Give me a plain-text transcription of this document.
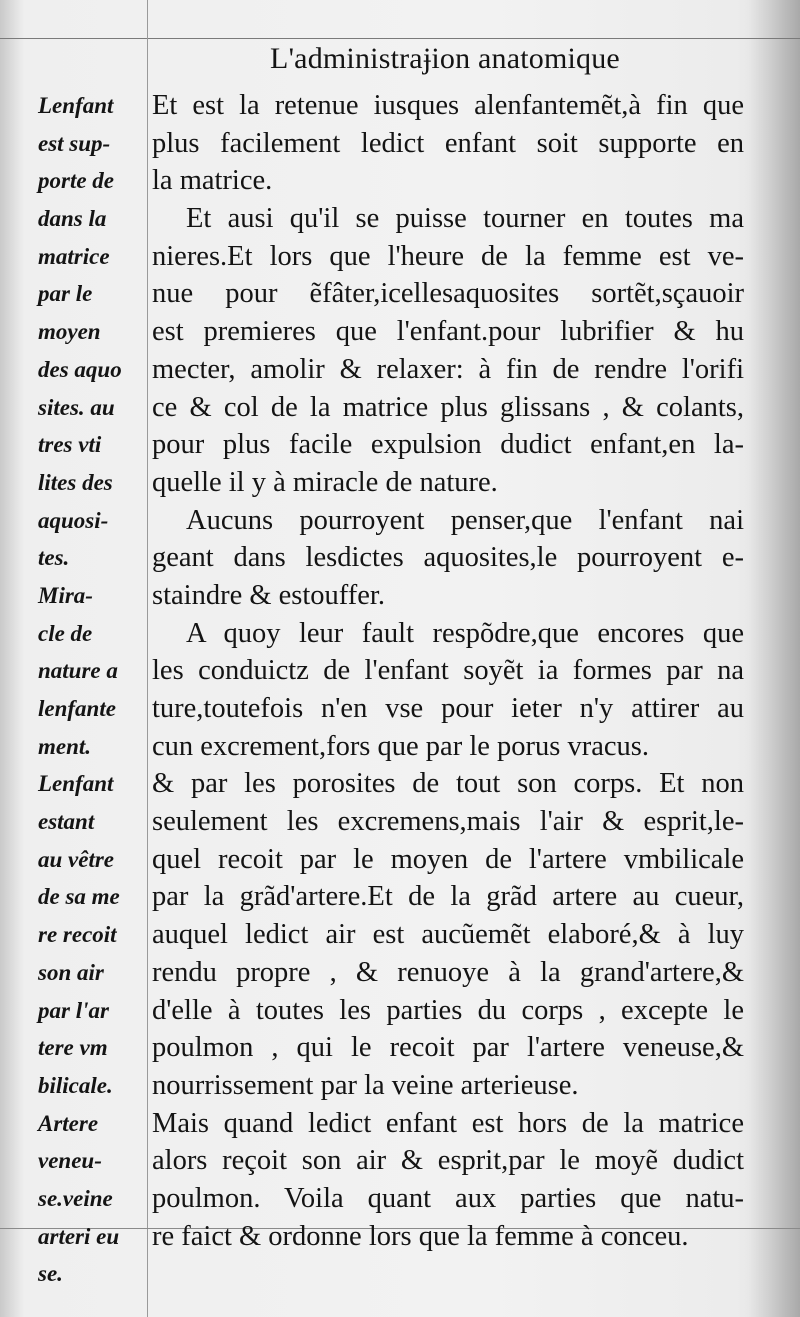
L'administraɉion anatomique
Lenfant
est sup-
porte de
dans la
matrice
par le
moyen
des aquo
sites. au
tres vti
lites des
aquosi-
tes.
Mira-
cle de
nature a
lenfante
ment.
Lenfant
estant
au vêtre
de sa me
re recoit
son air
par l'ar
tere vm
bilicale.
Artere
veneu-
se.veine
arteri eu
se.
Et est la retenue iusques alenfantemẽt,à fin que
plus facilement ledict enfant soit supporte en
la matrice.
Et ausi qu'il se puisse tourner en toutes ma
nieres.Et lors que l'heure de la femme est ve-
nue pour ẽfâter,icellesaquosites sortẽt,sçauoir
est premieres que l'enfant.pour lubrifier & hu
mecter, amolir & relaxer: à fin de rendre l'orifi
ce & col de la matrice plus glissans , & colants,
pour plus facile expulsion dudict enfant,en la-
quelle il y à miracle de nature.
Aucuns pourroyent penser,que l'enfant nai
geant dans lesdictes aquosites,le pourroyent e-
staindre & estouffer.
A quoy leur fault respõdre,que encores que
les conduictz de l'enfant soyẽt ia formes par na
ture,toutefois n'en vse pour ieter n'y attirer au
cun excrement,fors que par le porus vracus.
& par les porosites de tout son corps. Et non
seulement les excremens,mais l'air & esprit,le-
quel recoit par le moyen de l'artere vmbilicale
par la grãd'artere.Et de la grãd artere au cueur,
auquel ledict air est aucũemẽt elaboré,& à luy
rendu propre , & renuoye à la grand'artere,&
d'elle à toutes les parties du corps , excepte le
poulmon , qui le recoit par l'artere veneuse,&
nourrissement par la veine arterieuse.
Mais quand ledict enfant est hors de la matrice
alors reçoit son air & esprit,par le moyẽ dudict
poulmon. Voila quant aux parties que natu-
re faict & ordonne lors que la femme à conceu.
